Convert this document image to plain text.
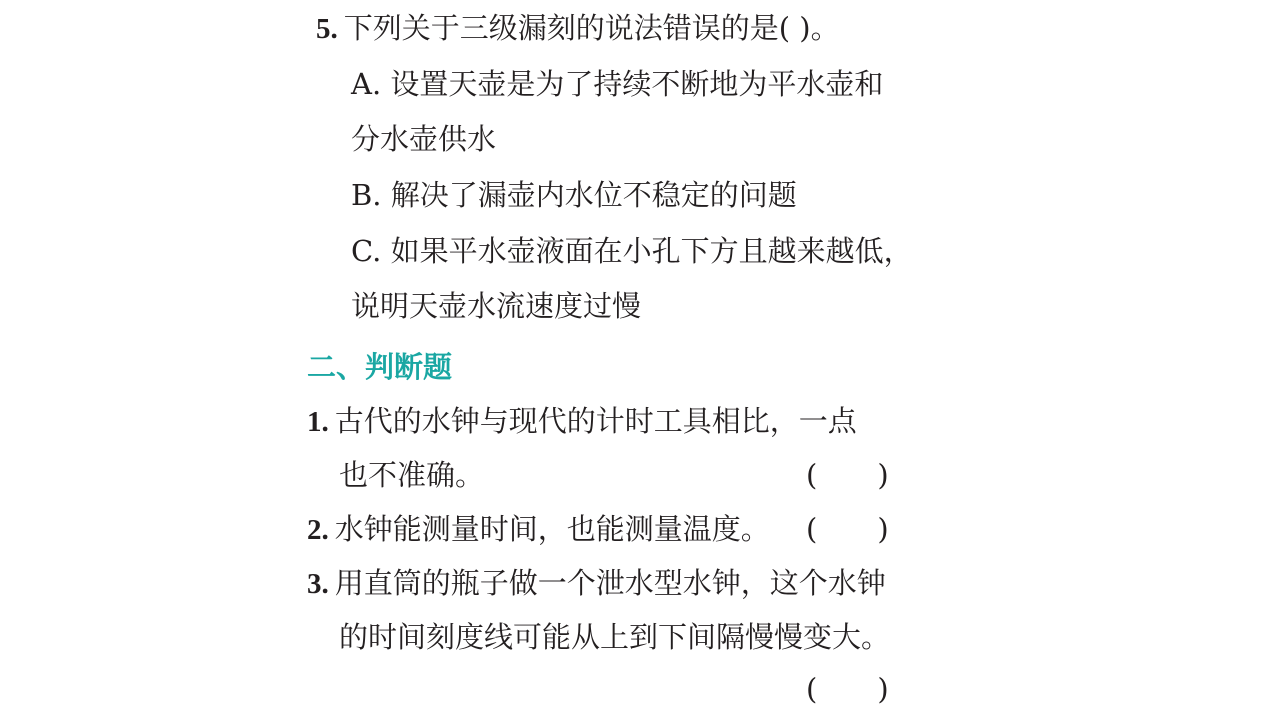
5. 下列关于三级漏刻的说法错误的是( )。
A. 设置天壶是为了持续不断地为平水壶和
分水壶供水
B. 解决了漏壶内水位不稳定的问题
C. 如果平水壶液面在小孔下方且越来越低，
说明天壶水流速度过慢
二、判断题
1. 古代的水钟与现代的计时工具相比，一点
也不准确。	( )
2. 水钟能测量时间，也能测量温度。 ( )
3. 用直筒的瓶子做一个泄水型水钟，这个水钟
的时间刻度线可能从上到下间隔慢慢变大。
( )
